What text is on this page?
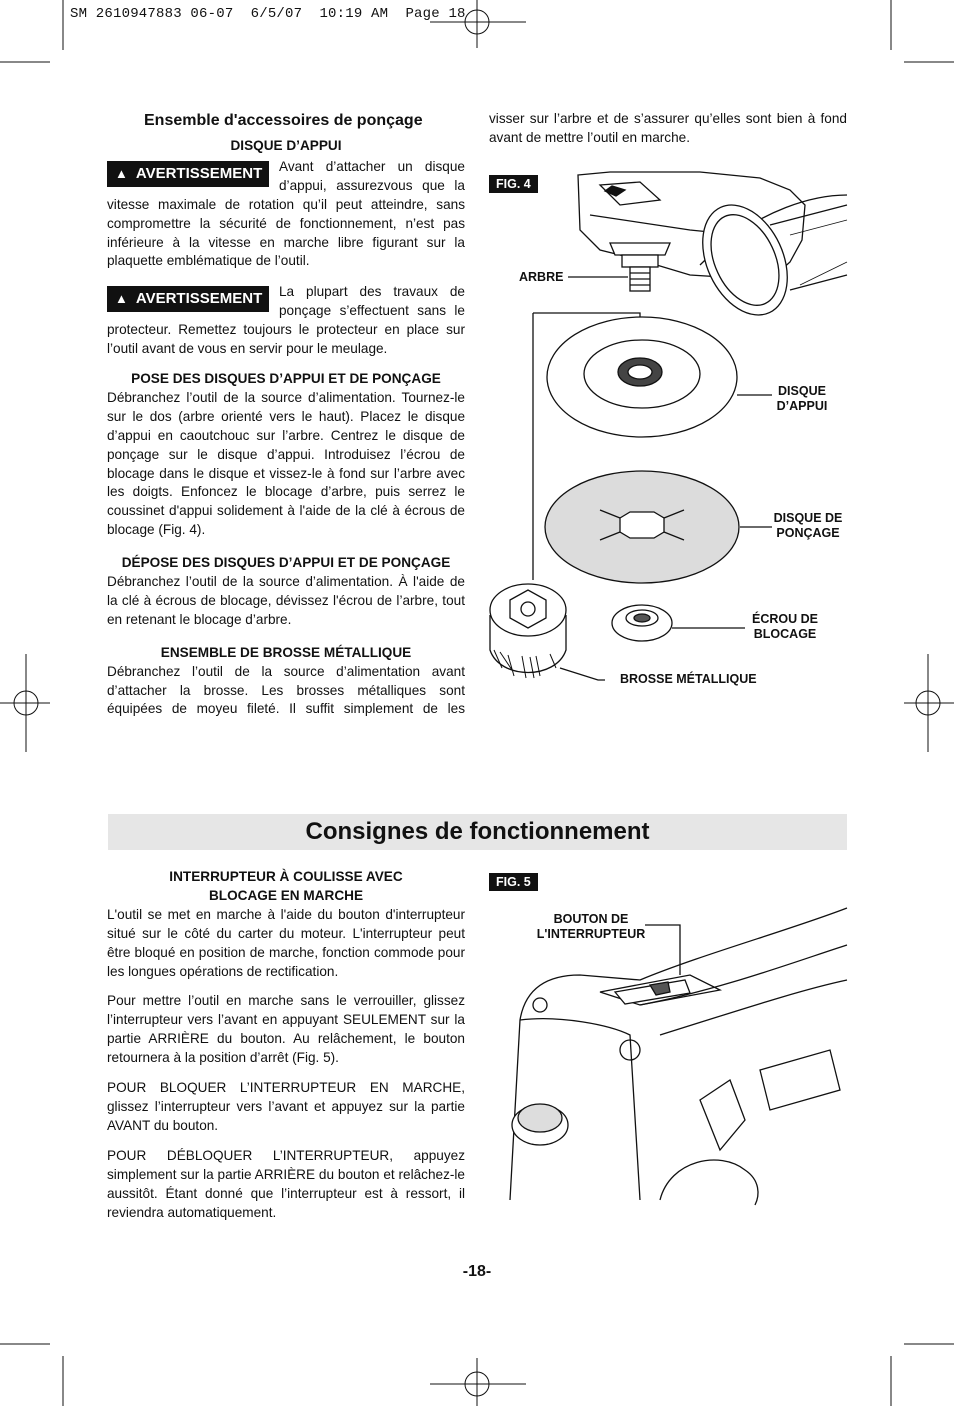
SM 2610947883 06-07  6/5/07  10:19 AM  Page 18
Ensemble d'accessoires de ponçage
DISQUE D’APPUI
▲ AVERTISSEMENT	Avant d’attacher un disque d’appui, assurezvous que la vitesse maximale de rotation qu’il peut atteindre, sans compromettre la sécurité de fonctionnement, n’est pas inférieure à la vitesse en marche libre figurant sur la plaquette emblématique de l’outil.

▲ AVERTISSEMENT	La plupart des travaux de ponçage s’effectuent sans le protecteur. Remettez toujours le protecteur en place sur l’outil avant de vous en servir pour le meulage.

POSE DES DISQUES D’APPUI ET DE PONÇAGE

Débranchez l’outil de la source d’alimentation. Tournez-le sur le dos (arbre orienté vers le haut). Placez le disque d’appui en caoutchouc sur l’arbre. Centrez le disque de ponçage sur le disque d’appui. Introduisez l’écrou de blocage dans le disque et vissez-le à fond sur l’arbre avec les doigts. Enfoncez le blocage d’arbre, puis serrez le coussinet d'appui solidement à l'aide de la clé à écrous de blocage (Fig. 4).

DÉPOSE DES DISQUES D’APPUI ET DE PONÇAGE

Débranchez l’outil de la source d’alimentation. À l'aide de la clé à écrous de blocage, dévissez l'écrou de l’arbre, tout en retenant le blocage d’arbre.

ENSEMBLE DE BROSSE MÉTALLIQUE

Débranchez l’outil de la source d’alimentation avant d’attacher la brosse. Les brosses métalliques sont équipées de moyeu fileté. Il suffit simplement de les

visser sur l’arbre et de s’assurer qu’elles sont bien à fond avant de mettre l’outil en marche.

FIG. 4
ARBRE
DISQUE
D’APPUI
DISQUE DE
PONÇAGE
ÉCROU DE
BLOCAGE
BROSSE MÉTALLIQUE
Consignes de fonctionnement
INTERRUPTEUR À COULISSE AVEC
BLOCAGE EN MARCHE

L'outil se met en marche à l'aide du bouton d'interrupteur situé sur le côté du carter du moteur. L'interrupteur peut être bloqué en position de marche, fonction commode pour les longues opérations de rectification.

Pour mettre l’outil en marche sans le verrouiller, glissez l’interrupteur vers l’avant en appuyant SEULEMENT sur la partie ARRIÈRE du bouton. Au relâchement, le bouton retournera à la position d’arrêt (Fig. 5).

POUR BLOQUER L’INTERRUPTEUR EN MARCHE, glissez l’interrupteur vers l’avant et appuyez sur la partie AVANT du bouton.

POUR DÉBLOQUER L’INTERRUPTEUR, appuyez simplement sur la partie ARRIÈRE du bouton et relâchez-le aussitôt. Étant donné que l’interrupteur est à ressort, il reviendra automatiquement.

FIG. 5
BOUTON DE
L'INTERRUPTEUR
-18-
